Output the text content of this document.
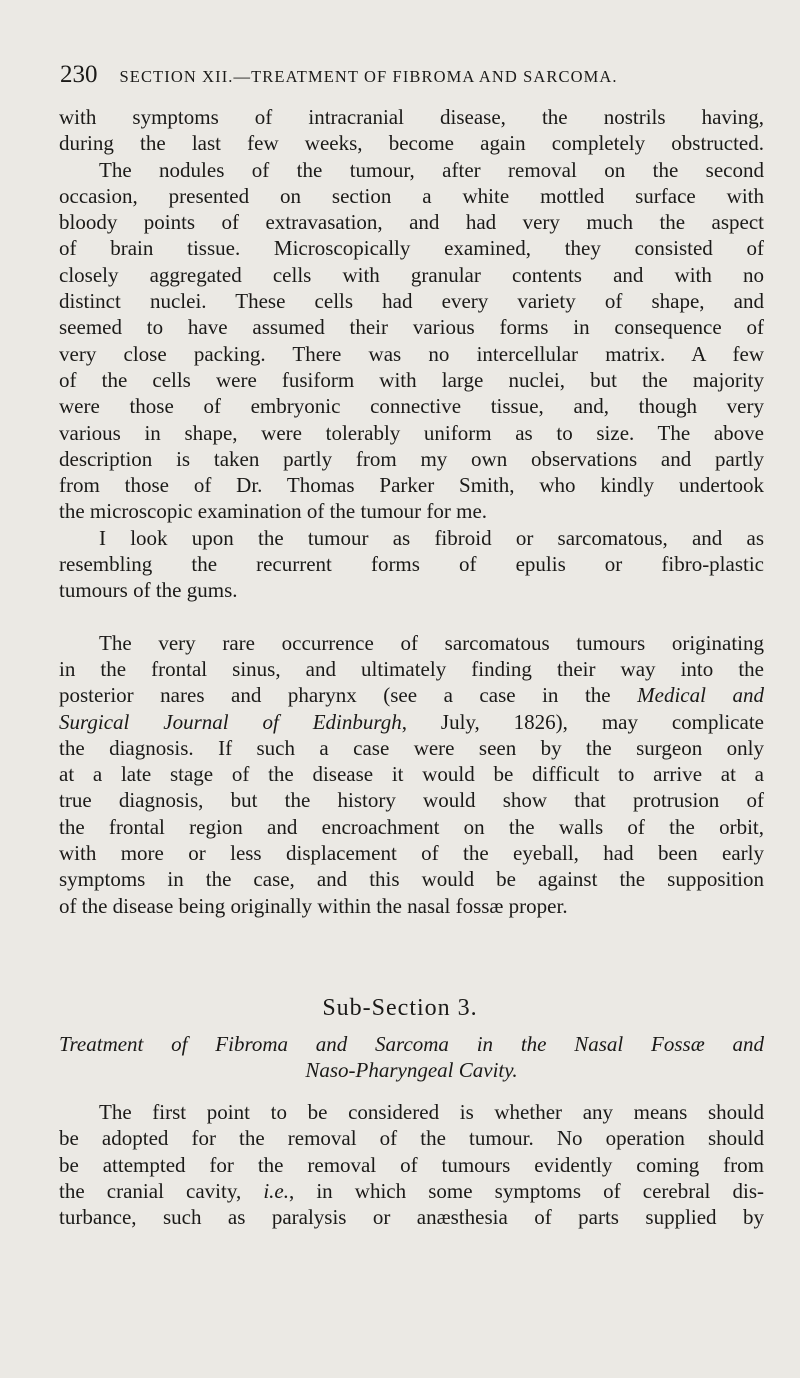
230 SECTION XII.—TREATMENT OF FIBROMA AND SARCOMA.
with symptoms of intracranial disease, the nostrils having,
during the last few weeks, become again completely obstructed.
The nodules of the tumour, after removal on the second
occasion, presented on section a white mottled surface with
bloody points of extravasation, and had very much the aspect
of brain tissue. Microscopically examined, they consisted of
closely aggregated cells with granular contents and with no
distinct nuclei. These cells had every variety of shape, and
seemed to have assumed their various forms in consequence of
very close packing. There was no intercellular matrix. A few
of the cells were fusiform with large nuclei, but the majority
were those of embryonic connective tissue, and, though very
various in shape, were tolerably uniform as to size. The above
description is taken partly from my own observations and partly
from those of Dr. Thomas Parker Smith, who kindly undertook
the microscopic examination of the tumour for me.
I look upon the tumour as fibroid or sarcomatous, and as
resembling the recurrent forms of epulis or fibro-plastic
tumours of the gums.
The very rare occurrence of sarcomatous tumours originating
in the frontal sinus, and ultimately finding their way into the
posterior nares and pharynx (see a case in the Medical and
Surgical Journal of Edinburgh, July, 1826), may complicate
the diagnosis. If such a case were seen by the surgeon only
at a late stage of the disease it would be difficult to arrive at a
true diagnosis, but the history would show that protrusion of
the frontal region and encroachment on the walls of the orbit,
with more or less displacement of the eyeball, had been early
symptoms in the case, and this would be against the supposition
of the disease being originally within the nasal fossæ proper.
Sub-Section 3.
Treatment of Fibroma and Sarcoma in the Nasal Fossæ and
Naso-Pharyngeal Cavity.
The first point to be considered is whether any means should
be adopted for the removal of the tumour. No operation should
be attempted for the removal of tumours evidently coming from
the cranial cavity, i.e., in which some symptoms of cerebral dis-
turbance, such as paralysis or anæsthesia of parts supplied by
